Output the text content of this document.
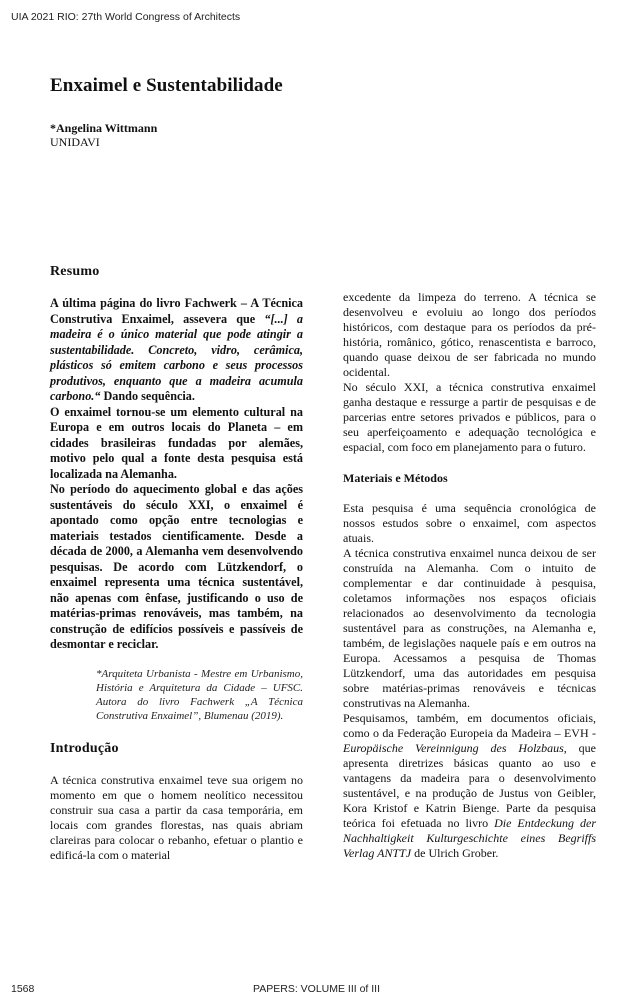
UIA 2021 RIO: 27th World Congress of Architects
Enxaimel e Sustentabilidade
*Angelina Wittmann
UNIDAVI
Resumo

A última página do livro Fachwerk – A Técnica Construtiva Enxaimel, assevera que “[...] a madeira é o único material que pode atingir a sustentabilidade. Concreto, vidro, cerâmica, plásticos só emitem carbono e seus processos produtivos, enquanto que a madeira acumula carbono.“ Dando sequência.

O enxaimel tornou-se um elemento cultural na Europa e em outros locais do Planeta – em cidades brasileiras fundadas por alemães, motivo pelo qual a fonte desta pesquisa está localizada na Alemanha.

No período do aquecimento global e das ações sustentáveis do século XXI, o enxaimel é apontado como opção entre tecnologias e materiais testados cientificamente. Desde a década de 2000, a Alemanha vem desenvolvendo pesquisas. De acordo com Lützkendorf, o enxaimel representa uma técnica sustentável, não apenas com ênfase, justificando o uso de matérias-primas renováveis, mas também, na construção de edifícios possíveis e passíveis de desmontar e reciclar.

*Arquiteta Urbanista - Mestre em Urbanismo, História e Arquitetura da Cidade – UFSC. Autora do livro Fachwerk „A Técnica Construtiva Enxaimel”, Blumenau (2019).

Introdução

A técnica construtiva enxaimel teve sua origem no momento em que o homem neolítico necessitou construir sua casa a partir da casa temporária, em locais com grandes florestas, nas quais abriam clareiras para colocar o rebanho, efetuar o plantio e edificá-la com o material

excedente da limpeza do terreno. A técnica se desenvolveu e evoluiu ao longo dos períodos históricos, com destaque para os períodos da pré-história, românico, gótico, renascentista e barroco, quando quase deixou de ser fabricada no mundo ocidental.

No século XXI, a técnica construtiva enxaimel ganha destaque e ressurge a partir de pesquisas e de parcerias entre setores privados e públicos, para o seu aperfeiçoamento e adequação tecnológica e espacial, com foco em planejamento para o futuro.

Materiais e Métodos

Esta pesquisa é uma sequência cronológica de nossos estudos sobre o enxaimel, com aspectos atuais.

A técnica construtiva enxaimel nunca deixou de ser construída na Alemanha. Com o intuito de complementar e dar continuidade à pesquisa, coletamos informações nos espaços oficiais relacionados ao desenvolvimento da tecnologia sustentável para as construções, na Alemanha e, também, de legislações naquele país e em outros na Europa. Acessamos a pesquisa de Thomas Lützkendorf, uma das autoridades em pesquisa sobre matérias-primas renováveis e técnicas construtivas na Alemanha.

Pesquisamos, também, em documentos oficiais, como o da Federação Europeia da Madeira – EVH - Europäische Vereinnigung des Holzbaus, que apresenta diretrizes básicas quanto ao uso e vantagens da madeira para o desenvolvimento sustentável, e na produção de Justus von Geibler, Kora Kristof e Katrin Bienge. Parte da pesquisa teórica foi efetuada no livro Die Entdeckung der Nachhaltigkeit Kulturgeschichte eines Begriffs Verlag ANTTJ de Ulrich Grober.

1568	PAPERS: VOLUME III of III
